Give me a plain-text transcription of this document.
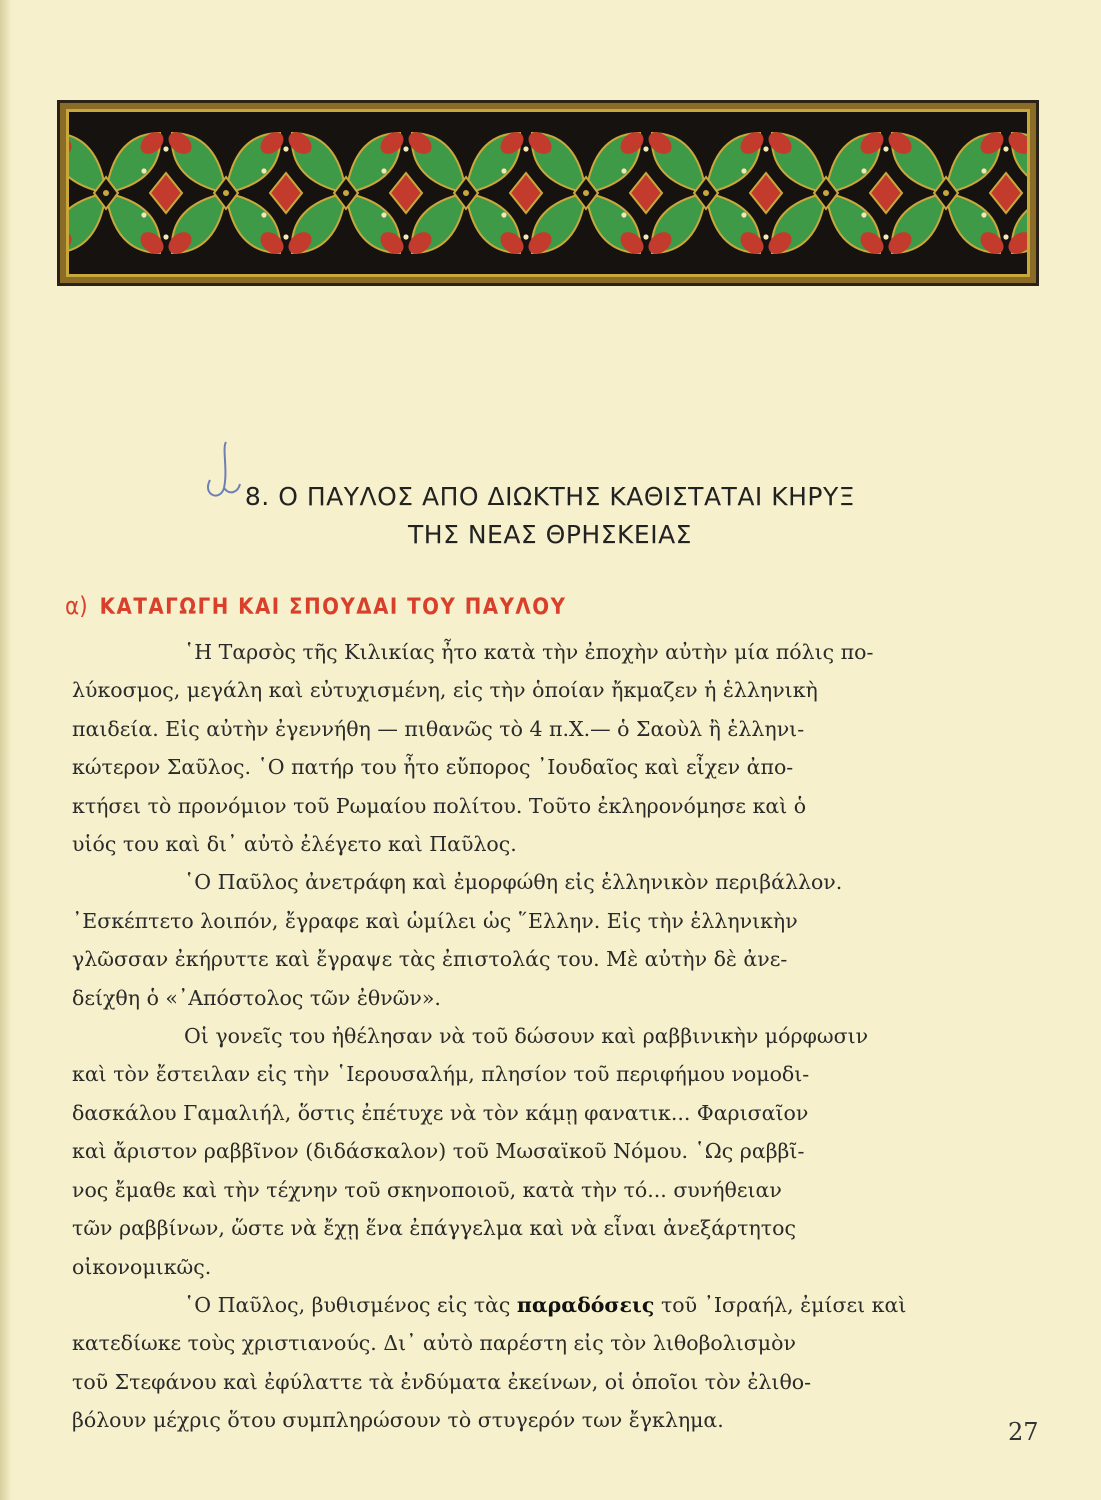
8. Ο ΠΑΥΛΟΣ ΑΠΟ ΔΙΩΚΤΗΣ ΚΑΘΙΣΤΑΤΑΙ ΚΗΡΥΞ
ΤΗΣ ΝΕΑΣ ΘΡΗΣΚΕΙΑΣ
α) ΚΑΤΑΓΩΓΗ ΚΑΙ ΣΠΟΥΔΑΙ ΤΟΥ ΠΑΥΛΟΥ
῾Η Ταρσὸς τῆς Κιλικίας ἦτο κατὰ τὴν ἐποχὴν αὐτὴν μία πόλις πο-
λύκοσμος, μεγάλη καὶ εὐτυχισμένη, εἰς τὴν ὁποίαν ἤκμαζεν ἡ ἑλληνικὴ
παιδεία. Εἰς αὐτὴν ἐγεννήθη — πιθανῶς τὸ 4 π.Χ.— ὁ Σαοὺλ ἢ ἑλληνι-
κώτερον Σαῦλος. ῾Ο πατήρ του ἦτο εὔπορος ᾿Ιουδαῖος καὶ εἶχεν ἀπο-
κτήσει τὸ προνόμιον τοῦ Ρωμαίου πολίτου. Τοῦτο ἐκληρονόμησε καὶ ὁ
υἱός του καὶ δι᾿ αὐτὸ ἐλέγετο καὶ Παῦλος.
῾Ο Παῦλος ἀνετράφη καὶ ἐμορφώθη εἰς ἑλληνικὸν περιβάλλον.
᾿Εσκέπτετο λοιπόν, ἔγραφε καὶ ὡμίλει ὡς ῞Ελλην. Εἰς τὴν ἑλληνικὴν
γλῶσσαν ἐκήρυττε καὶ ἔγραψε τὰς ἐπιστολάς του. Μὲ αὐτὴν δὲ ἀνε-
δείχθη ὁ «᾿Απόστολος τῶν ἐθνῶν».
Οἱ γονεῖς του ἠθέλησαν νὰ τοῦ δώσουν καὶ ραββινικὴν μόρφωσιν
καὶ τὸν ἔστειλαν εἰς τὴν ῾Ιερουσαλήμ, πλησίον τοῦ περιφήμου νομοδι-
δασκάλου Γαμαλιήλ, ὅστις ἐπέτυχε νὰ τὸν κάμῃ φανατικ... Φαρισαῖον
καὶ ἄριστον ραββῖνον (διδάσκαλον) τοῦ Μωσαϊκοῦ Νόμου. ῾Ως ραββῖ-
νος ἔμαθε καὶ τὴν τέχνην τοῦ σκηνοποιοῦ, κατὰ τὴν τό... συνήθειαν
τῶν ραββίνων, ὥστε νὰ ἔχῃ ἕνα ἐπάγγελμα καὶ νὰ εἶναι ἀνεξάρτητος
οἰκονομικῶς.
῾Ο Παῦλος, βυθισμένος εἰς τὰς παραδόσεις τοῦ ᾿Ισραήλ, ἐμίσει καὶ
κατεδίωκε τοὺς χριστιανούς. Δι᾿ αὐτὸ παρέστη εἰς τὸν λιθοβολισμὸν
τοῦ Στεφάνου καὶ ἐφύλαττε τὰ ἐνδύματα ἐκείνων, οἱ ὁποῖοι τὸν ἐλιθο-
βόλουν μέχρις ὅτου συμπληρώσουν τὸ στυγερόν των ἔγκλημα.	27
